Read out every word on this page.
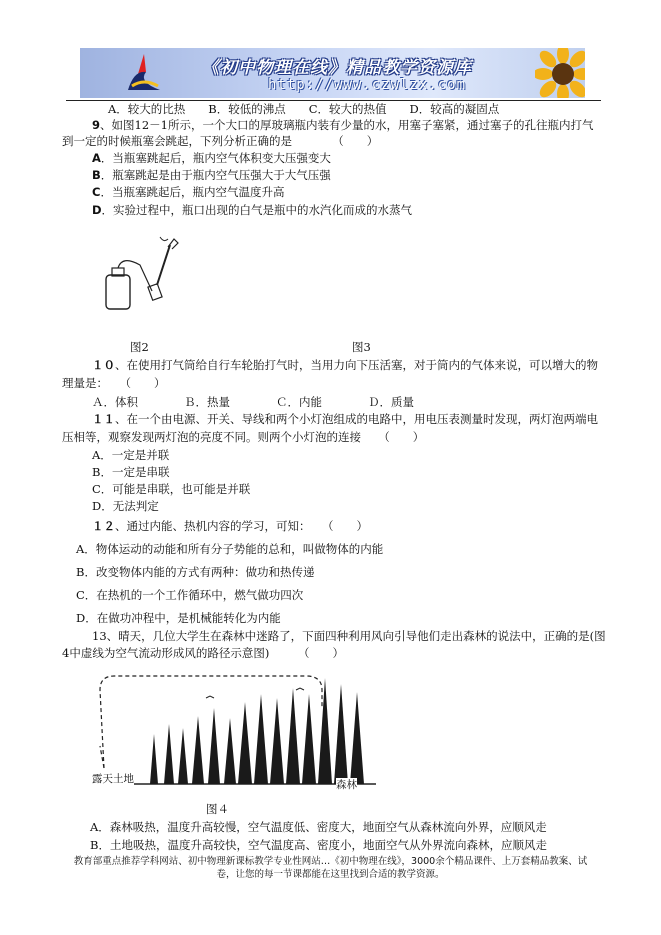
《初中物理在线》精品教学资源库
http://www.czwlzx.com
A．较大的比热　　B．较低的沸点　　C．较大的热值　　D．较高的凝固点
9、如图12－1所示，一个大口的厚玻璃瓶内装有少量的水，用塞子塞紧，通过塞子的孔往瓶内打气
到一定的时候瓶塞会跳起，下列分析正确的是　　　　（　　）
A．当瓶塞跳起后，瓶内空气体积变大压强变大
B．瓶塞跳起是由于瓶内空气压强大于大气压强
C．当瓶塞跳起后，瓶内空气温度升高
D．实验过程中，瓶口出现的白气是瓶中的水汽化而成的水蒸气
图2	图3
１０、在使用打气筒给自行车轮胎打气时，当用力向下压活塞，对于筒内的气体来说，可以增大的物
理量是：　　（　　）
Ａ．体积　　　　Ｂ．热量　　　　Ｃ．内能　　　　Ｄ．质量
１１、在一个由电源、开关、导线和两个小灯泡组成的电路中，用电压表测量时发现，两灯泡两端电
压相等，观察发现两灯泡的亮度不同。则两个小灯泡的连接　　（　　）
A．一定是并联
B．一定是串联
C．可能是串联，也可能是并联
D．无法判定
１２、通过内能、热机内容的学习，可知：　　（　　）
A．物体运动的动能和所有分子势能的总和，叫做物体的内能
B．改变物体内能的方式有两种：做功和热传递
C．在热机的一个工作循环中，燃气做功四次
D．在做功冲程中，是机械能转化为内能
13、晴天，几位大学生在森林中迷路了，下面四种利用风向引导他们走出森林的说法中，正确的是(图
4中虚线为空气流动形成风的路径示意图)　　　（　　）
露天土地	森林
图４
A．森林吸热，温度升高较慢，空气温度低、密度大，地面空气从森林流向外界，应顺风走
B．土地吸热，温度升高较快，空气温度高、密度小，地面空气从外界流向森林，应顺风走
教育部重点推荐学科网站、初中物理新课标教学专业性网站…《初中物理在线》，3000余个精品课件、上万套精品教案、试
卷，让您的每一节课都能在这里找到合适的教学资源。
